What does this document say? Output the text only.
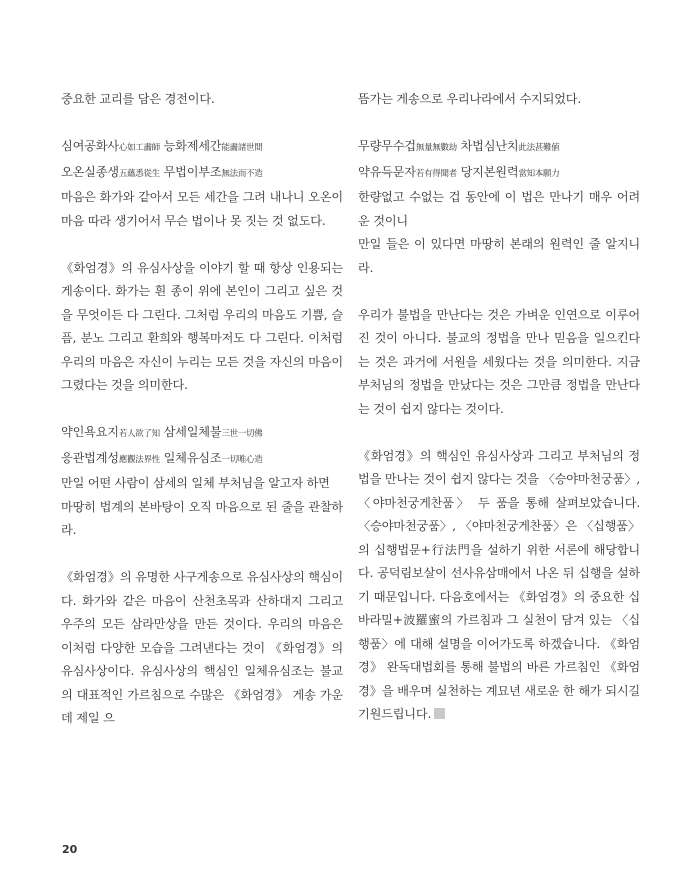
중요한 교리를 담은 경전이다.

심여공화사心如工畵師 능화제세간能畵諸世間
오온실종생五蘊悉從生 무법이부조無法而不造
마음은 화가와 같아서 모든 세간을 그려 내나니 오온이 마음 따라 생기어서 무슨 법이나 못 짓는 것 없도다.

《화엄경》의 유심사상을 이야기 할 때 항상 인용되는 게송이다. 화가는 흰 종이 위에 본인이 그리고 싶은 것을 무엇이든 다 그린다. 그처럼 우리의 마음도 기쁨, 슬픔, 분노 그리고 환희와 행복마저도 다 그린다. 이처럼 우리의 마음은 자신이 누리는 모든 것을 자신의 마음이 그렸다는 것을 의미한다.

약인욕요지若人欲了知 삼세일체불三世一切佛
응관법계성應觀法界性 일체유심조一切唯心造
만일 어떤 사람이 삼세의 일체 부처님을 알고자 하면
마땅히 법계의 본바탕이 오직 마음으로 된 줄을 관찰하라.

《화엄경》의 유명한 사구게송으로 유심사상의 핵심이다. 화가와 같은 마음이 산천초목과 산하대지 그리고 우주의 모든 삼라만상을 만든 것이다. 우리의 마음은 이처럼 다양한 모습을 그려낸다는 것이 《화엄경》의 유심사상이다. 유심사상의 핵심인 일체유심조는 불교의 대표적인 가르침으로 수많은 《화엄경》 게송 가운데 제일 으

뜸가는 게송으로 우리나라에서 수지되었다.

무량무수겁無量無數劫 차법심난치此法甚難値
약유득문자若有得聞者 당지본원력當知本願力
한량없고 수없는 겁 동안에 이 법은 만나기 매우 어려운 것이니
만일 들은 이 있다면 마땅히 본래의 원력인 줄 알지니라.

우리가 불법을 만난다는 것은 가벼운 인연으로 이루어진 것이 아니다. 불교의 정법을 만나 믿음을 일으킨다는 것은 과거에 서원을 세웠다는 것을 의미한다. 지금 부처님의 정법을 만났다는 것은 그만큼 정법을 만난다는 것이 쉽지 않다는 것이다.

《화엄경》의 핵심인 유심사상과 그리고 부처님의 정법을 만나는 것이 쉽지 않다는 것을 〈승야마천궁품〉, 〈야마천궁게찬품〉 두 품을 통해 살펴보았습니다. 〈승야마천궁품〉, 〈야마천궁게찬품〉은 〈십행품〉의 십행법문+行法門을 설하기 위한 서론에 해당합니다. 공덕림보살이 선사유삼매에서 나온 뒤 십행을 설하기 때문입니다. 다음호에서는 《화엄경》의 중요한 십바라밀+波羅蜜의 가르침과 그 실천이 담겨 있는 〈십행품〉에 대해 설명을 이어가도록 하겠습니다. 《화엄경》 완독대법회를 통해 불법의 바른 가르침인 《화엄경》을 배우며 실천하는 계묘년 새로운 한 해가 되시길 기원드립니다.

20
